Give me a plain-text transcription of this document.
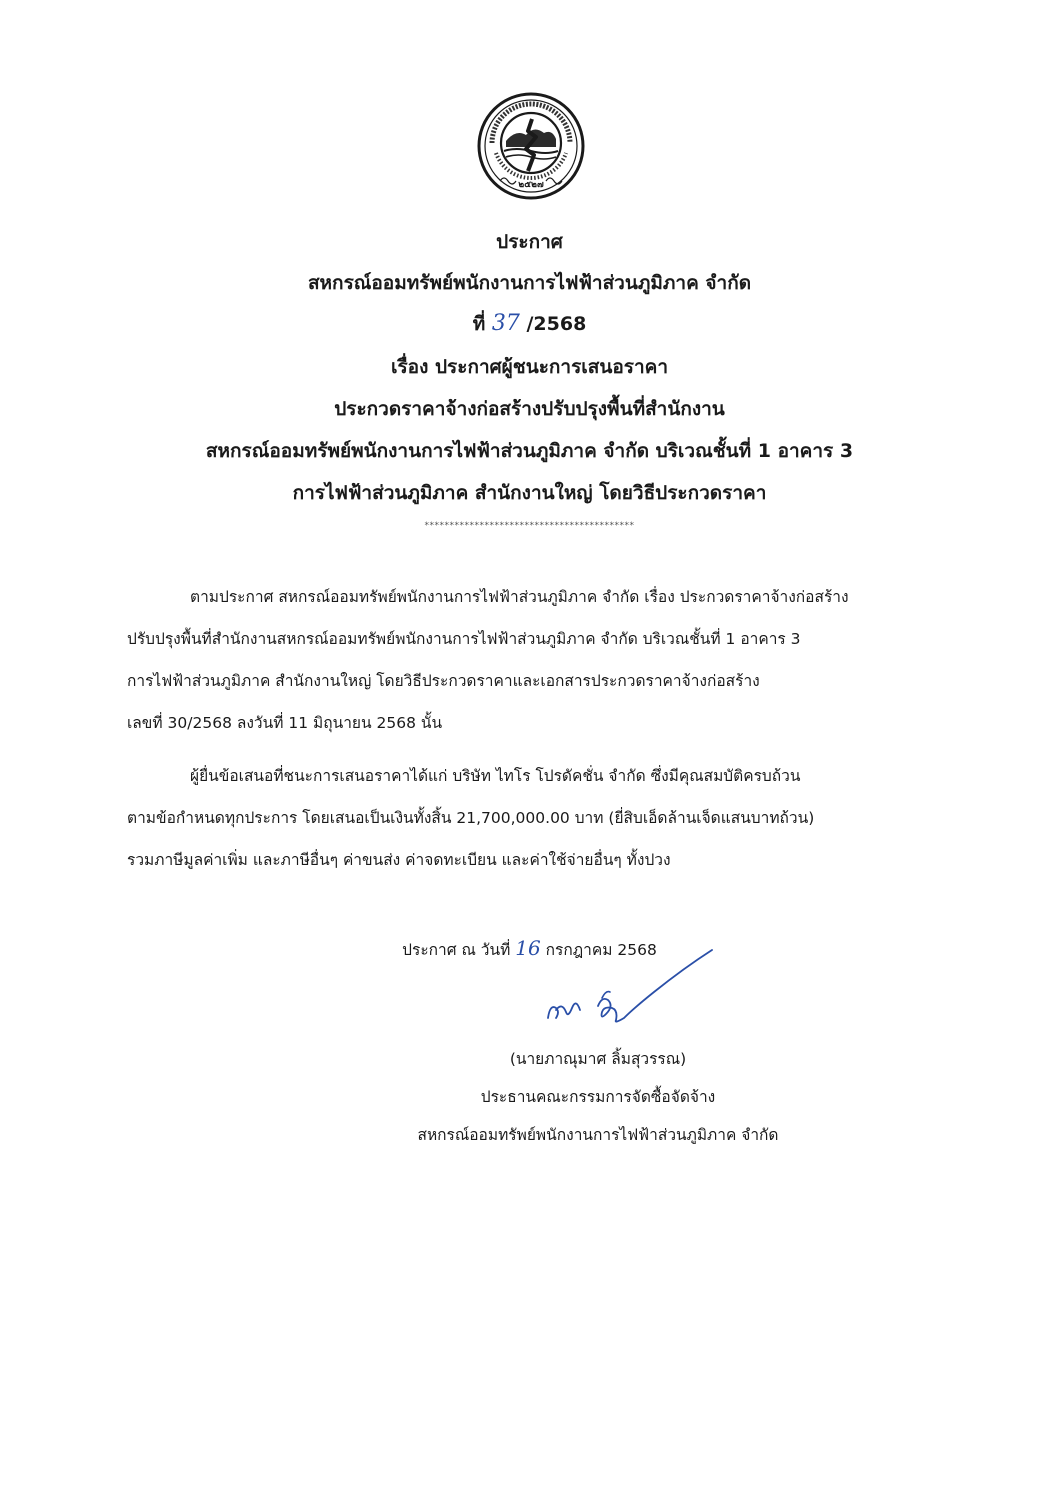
๒๕๒๗
ประกาศ
สหกรณ์ออมทรัพย์พนักงานการไฟฟ้าส่วนภูมิภาค จำกัด
ที่ 37 /2568
เรื่อง ประกาศผู้ชนะการเสนอราคา
ประกวดราคาจ้างก่อสร้างปรับปรุงพื้นที่สำนักงาน
สหกรณ์ออมทรัพย์พนักงานการไฟฟ้าส่วนภูมิภาค จำกัด บริเวณชั้นที่ 1 อาคาร 3
การไฟฟ้าส่วนภูมิภาค สำนักงานใหญ่ โดยวิธีประกวดราคา
******************************************
ตามประกาศ สหกรณ์ออมทรัพย์พนักงานการไฟฟ้าส่วนภูมิภาค จำกัด เรื่อง ประกวดราคาจ้างก่อสร้าง
ปรับปรุงพื้นที่สำนักงานสหกรณ์ออมทรัพย์พนักงานการไฟฟ้าส่วนภูมิภาค จำกัด บริเวณชั้นที่ 1 อาคาร 3
การไฟฟ้าส่วนภูมิภาค สำนักงานใหญ่ โดยวิธีประกวดราคาและเอกสารประกวดราคาจ้างก่อสร้าง
เลขที่ 30/2568 ลงวันที่ 11 มิถุนายน 2568 นั้น
ผู้ยื่นข้อเสนอที่ชนะการเสนอราคาได้แก่ บริษัท ไทโร โปรดัคชั่น จำกัด ซึ่งมีคุณสมบัติครบถ้วน
ตามข้อกำหนดทุกประการ โดยเสนอเป็นเงินทั้งสิ้น 21,700,000.00 บาท (ยี่สิบเอ็ดล้านเจ็ดแสนบาทถ้วน)
รวมภาษีมูลค่าเพิ่ม และภาษีอื่นๆ ค่าขนส่ง ค่าจดทะเบียน และค่าใช้จ่ายอื่นๆ ทั้งปวง
ประกาศ ณ วันที่ 16 กรกฎาคม 2568
(นายภาณุมาศ ลิ้มสุวรรณ)
ประธานคณะกรรมการจัดซื้อจัดจ้าง
สหกรณ์ออมทรัพย์พนักงานการไฟฟ้าส่วนภูมิภาค จำกัด
